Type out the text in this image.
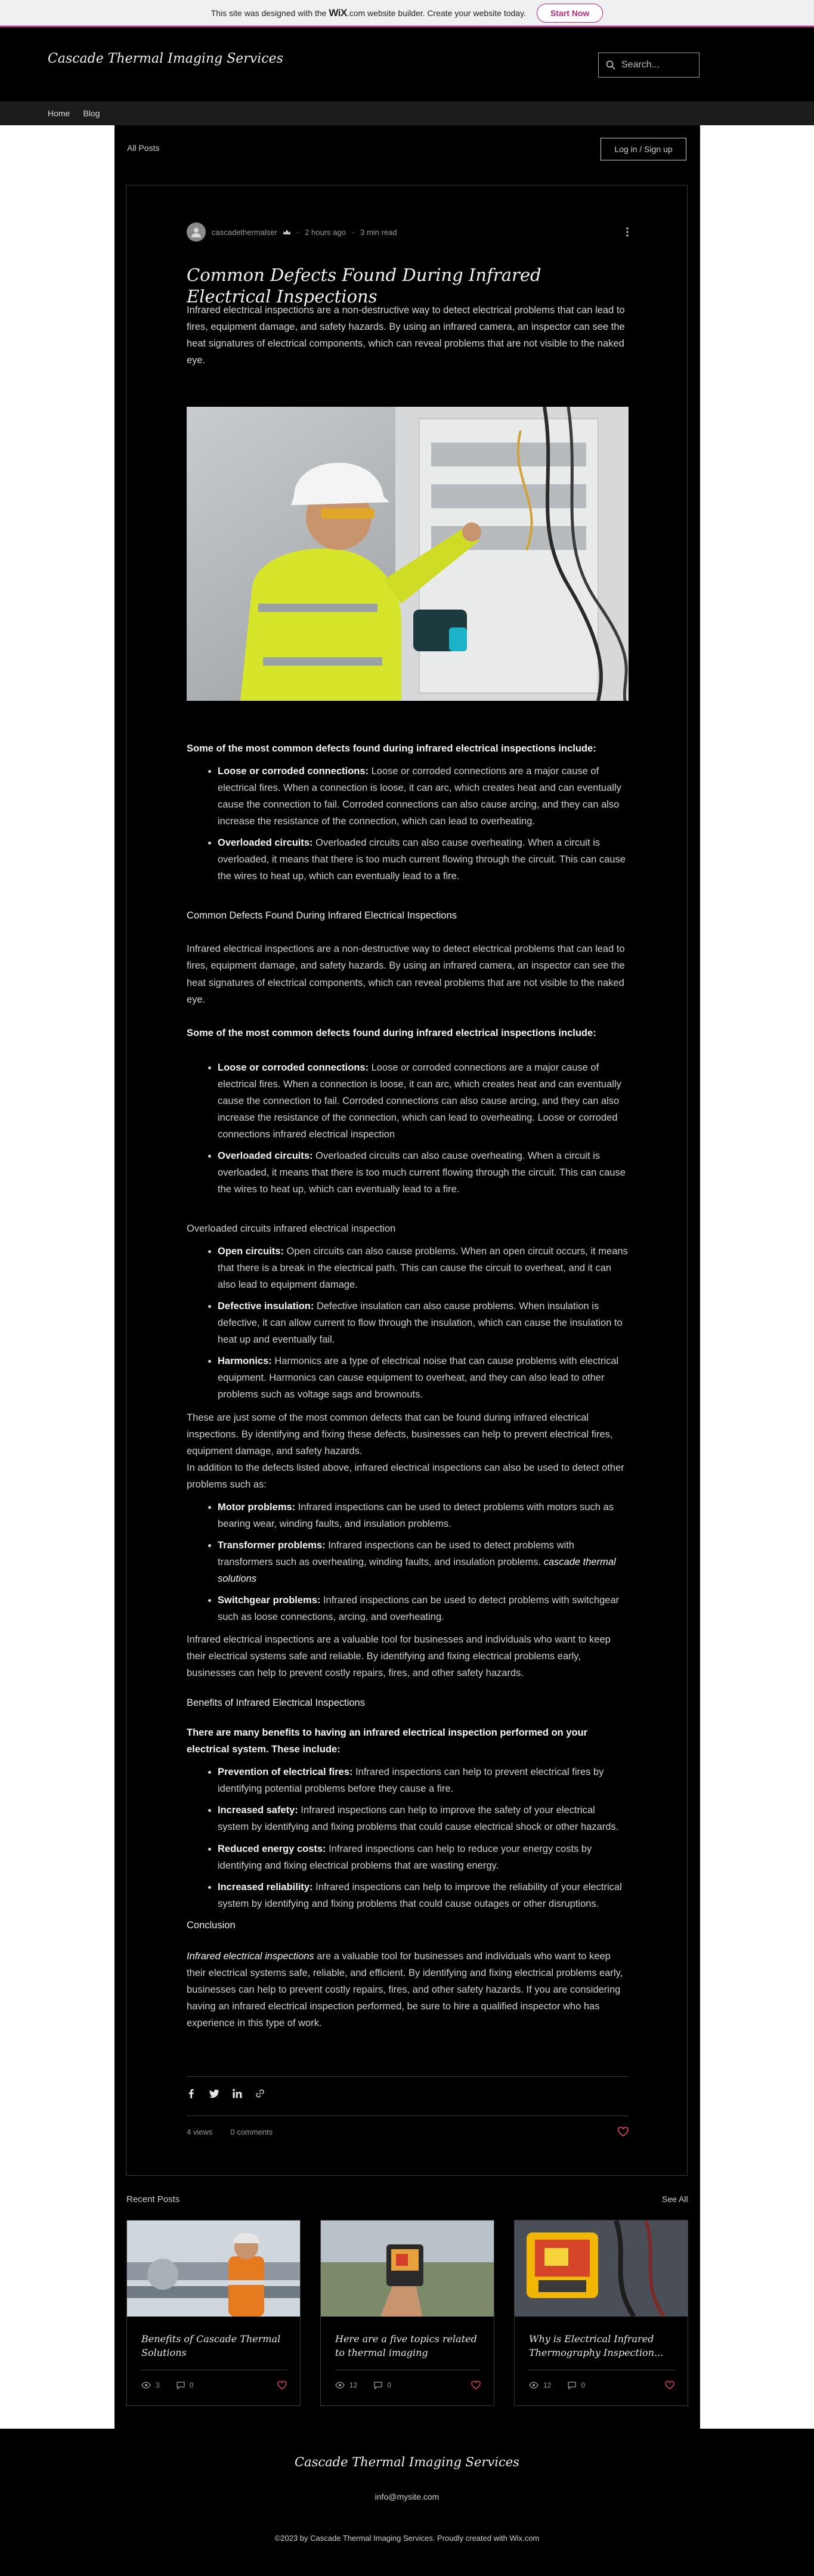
This site was designed with the WiX.com website builder. Create your website today.	Start Now
Cascade Thermal Imaging Services	Search...
Home Blog
All Posts	Log in / Sign up
cascadethermalser · 2 hours ago · 3 min read
Common Defects Found During Infrared Electrical Inspections
Infrared electrical inspections are a non-destructive way to detect electrical problems that can lead to fires, equipment damage, and safety hazards. By using an infrared camera, an inspector can see the heat signatures of electrical components, which can reveal problems that are not visible to the naked eye.

Some of the most common defects found during infrared electrical inspections include:

• Loose or corroded connections: Loose or corroded connections are a major cause of electrical fires. When a connection is loose, it can arc, which creates heat and can eventually cause the connection to fail. Corroded connections can also cause arcing, and they can also increase the resistance of the connection, which can lead to overheating.
• Overloaded circuits: Overloaded circuits can also cause overheating. When a circuit is overloaded, it means that there is too much current flowing through the circuit. This can cause the wires to heat up, which can eventually lead to a fire.

Common Defects Found During Infrared Electrical Inspections

Infrared electrical inspections are a non-destructive way to detect electrical problems that can lead to fires, equipment damage, and safety hazards. By using an infrared camera, an inspector can see the heat signatures of electrical components, which can reveal problems that are not visible to the naked eye.

Some of the most common defects found during infrared electrical inspections include:

• Loose or corroded connections: Loose or corroded connections are a major cause of electrical fires. When a connection is loose, it can arc, which creates heat and can eventually cause the connection to fail. Corroded connections can also cause arcing, and they can also increase the resistance of the connection, which can lead to overheating. Loose or corroded connections infrared electrical inspection
• Overloaded circuits: Overloaded circuits can also cause overheating. When a circuit is overloaded, it means that there is too much current flowing through the circuit. This can cause the wires to heat up, which can eventually lead to a fire.

Overloaded circuits infrared electrical inspection

• Open circuits: Open circuits can also cause problems. When an open circuit occurs, it means that there is a break in the electrical path. This can cause the circuit to overheat, and it can also lead to equipment damage.
• Defective insulation: Defective insulation can also cause problems. When insulation is defective, it can allow current to flow through the insulation, which can cause the insulation to heat up and eventually fail.
• Harmonics: Harmonics are a type of electrical noise that can cause problems with electrical equipment. Harmonics can cause equipment to overheat, and they can also lead to other problems such as voltage sags and brownouts.

These are just some of the most common defects that can be found during infrared electrical inspections. By identifying and fixing these defects, businesses can help to prevent electrical fires, equipment damage, and safety hazards.

In addition to the defects listed above, infrared electrical inspections can also be used to detect other problems such as:

• Motor problems: Infrared inspections can be used to detect problems with motors such as bearing wear, winding faults, and insulation problems.
• Transformer problems: Infrared inspections can be used to detect problems with transformers such as overheating, winding faults, and insulation problems. cascade thermal solutions
• Switchgear problems: Infrared inspections can be used to detect problems with switchgear such as loose connections, arcing, and overheating.

Infrared electrical inspections are a valuable tool for businesses and individuals who want to keep their electrical systems safe and reliable. By identifying and fixing electrical problems early, businesses can help to prevent costly repairs, fires, and other safety hazards.

Benefits of Infrared Electrical Inspections

There are many benefits to having an infrared electrical inspection performed on your electrical system. These include:

• Prevention of electrical fires: Infrared inspections can help to prevent electrical fires by identifying potential problems before they cause a fire.
• Increased safety: Infrared inspections can help to improve the safety of your electrical system by identifying and fixing problems that could cause electrical shock or other hazards.
• Reduced energy costs: Infrared inspections can help to reduce your energy costs by identifying and fixing electrical problems that are wasting energy.
• Increased reliability: Infrared inspections can help to improve the reliability of your electrical system by identifying and fixing problems that could cause outages or other disruptions.

Conclusion

Infrared electrical inspections are a valuable tool for businesses and individuals who want to keep their electrical systems safe, reliable, and efficient. By identifying and fixing electrical problems early, businesses can help to prevent costly repairs, fires, and other safety hazards. If you are considering having an infrared electrical inspection performed, be sure to hire a qualified inspector who has experience in this type of work.

4 views 0 comments
Recent Posts	See All
Benefits of Cascade Thermal Solutions
3	0
Here are a five topics related to thermal imaging
12	0
Why is Electrical Infrared Thermography Inspection...
12	0
Cascade Thermal Imaging Services
info@mysite.com
©2023 by Cascade Thermal Imaging Services. Proudly created with Wix.com
